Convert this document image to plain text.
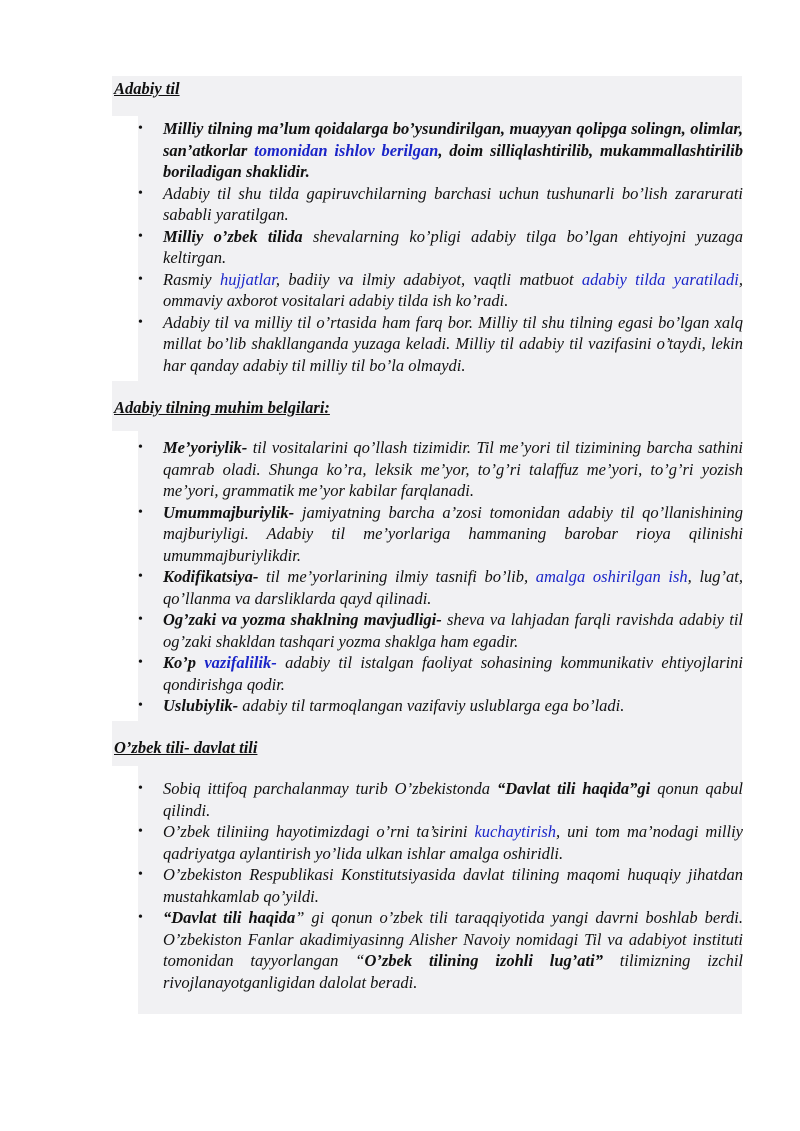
Adabiy til
• Milliy tilning ma’lum qoidalarga bo’ysundirilgan, muayyan qolipga solingn, olimlar, san’atkorlar tomonidan ishlov berilgan, doim silliqlashtirilib, mukammallashtirilib boriladigan shaklidir.
• Adabiy til shu tilda gapiruvchilarning barchasi uchun tushunarli bo’lish zararurati sababli yaratilgan.
• Milliy o’zbek tilida shevalarning ko’pligi adabiy tilga bo’lgan ehtiyojni yuzaga keltirgan.
• Rasmiy hujjatlar, badiiy va ilmiy adabiyot, vaqtli matbuot adabiy tilda yaratiladi, ommaviy axborot vositalari adabiy tilda ish ko’radi.
• Adabiy til va milliy til o’rtasida ham farq bor. Milliy til shu tilning egasi bo’lgan xalq millat bo’lib shakllanganda yuzaga keladi. Milliy til adabiy til vazifasini o’taydi, lekin har qanday adabiy til milliy til bo’la olmaydi.
Adabiy tilning muhim belgilari:
• Me’yoriylik- til vositalarini qo’llash tizimidir. Til me’yori til tizimining barcha sathini qamrab oladi. Shunga ko’ra, leksik me’yor, to’g’ri talaffuz me’yori, to’g’ri yozish me’yori, grammatik me’yor kabilar farqlanadi.
• Umummajburiylik- jamiyatning barcha a’zosi tomonidan adabiy til qo’llanishining majburiyligi. Adabiy til me’yorlariga hammaning barobar rioya qilinishi umummajburiylikdir.
• Kodifikatsiya- til me’yorlarining ilmiy tasnifi bo’lib, amalga oshirilgan ish, lug’at, qo’llanma va darsliklarda qayd qilinadi.
• Og’zaki va yozma shaklning mavjudligi- sheva va lahjadan farqli ravishda adabiy til og’zaki shakldan tashqari yozma shaklga ham egadir.
• Ko’p vazifalilik- adabiy til istalgan faoliyat sohasining kommunikativ ehtiyojlarini qondirishga qodir.
• Uslubiylik- adabiy til tarmoqlangan vazifaviy uslublarga ega bo’ladi.
O’zbek tili- davlat tili
• Sobiq ittifoq parchalanmay turib O’zbekistonda “Davlat tili haqida”gi qonun qabul qilindi.
• O’zbek tiliniing hayotimizdagi o’rni ta’sirini kuchaytirish, uni tom ma’nodagi milliy qadriyatga aylantirish yo’lida ulkan ishlar amalga oshiridli.
• O’zbekiston Respublikasi Konstitutsiyasida davlat tilining maqomi huquqiy jihatdan mustahkamlab qo’yildi.
• “Davlat tili haqida” gi qonun o’zbek tili taraqqiyotida yangi davrni boshlab berdi. O’zbekiston Fanlar akadimiyasinng Alisher Navoiy nomidagi Til va adabiyot instituti tomonidan tayyorlangan “O’zbek tilining izohli lug’ati” tilimizning izchil rivojlanayotganligidan dalolat beradi.
